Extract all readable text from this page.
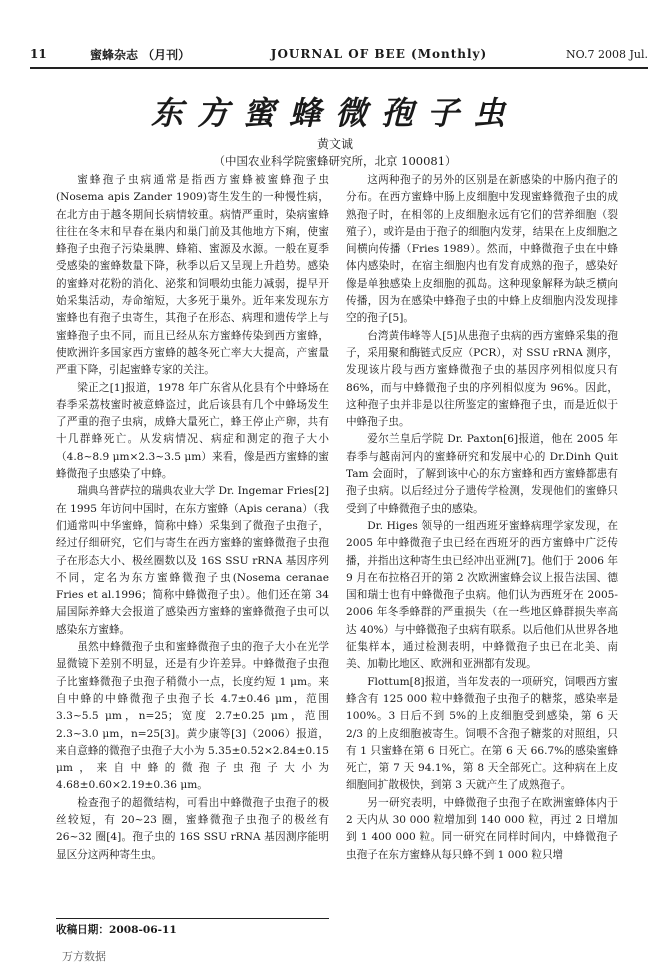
11	蜜蜂杂志 （月刊）	JOURNAL OF BEE (Monthly)	NO.7 2008 Jul.
东方蜜蜂微孢子虫
黄文诚
（中国农业科学院蜜蜂研究所，北京 100081）

蜜蜂孢子虫病通常是指西方蜜蜂被蜜蜂孢子虫(Nosema apis Zander 1909)寄生发生的一种慢性病，在北方由于越冬期间长病情较重。病情严重时，染病蜜蜂往往在冬末和早春在巢内和巢门前及其他地方下痢，使蜜蜂孢子虫孢子污染巢脾、蜂箱、蜜源及水源。一般在夏季受感染的蜜蜂数量下降，秋季以后又呈现上升趋势。感染的蜜蜂对花粉的消化、泌浆和饲喂幼虫能力减弱，提早开始采集活动，寿命缩短，大多死于巢外。近年来发现东方蜜蜂也有孢子虫寄生，其孢子在形态、病理和遗传学上与蜜蜂孢子虫不同，而且已经从东方蜜蜂传染到西方蜜蜂，使欧洲许多国家西方蜜蜂的越冬死亡率大大提高，产蜜量严重下降，引起蜜蜂专家的关注。

梁正之[1]报道，1978 年广东省从化县有个中蜂场在春季采荔枝蜜时被意蜂盗过，此后该县有几个中蜂场发生了严重的孢子虫病，成蜂大量死亡，蜂王停止产卵，共有十几群蜂死亡。从发病情况、病症和测定的孢子大小（4.8~8.9 μm×2.3~3.5 μm）来看，像是西方蜜蜂的蜜蜂微孢子虫感染了中蜂。

瑞典乌普萨拉的瑞典农业大学 Dr. Ingemar Fries[2]在 1995 年访问中国时，在东方蜜蜂（Apis cerana）（我们通常叫中华蜜蜂，简称中蜂）采集到了微孢子虫孢子，经过仔细研究，它们与寄生在西方蜜蜂的蜜蜂微孢子虫孢子在形态大小、极丝圈数以及 16S SSU rRNA 基因序列不同，定名为东方蜜蜂微孢子虫(Nosema ceranae Fries et al.1996；简称中蜂微孢子虫）。他们还在第 34 届国际养蜂大会报道了感染西方蜜蜂的蜜蜂微孢子虫可以感染东方蜜蜂。

虽然中蜂微孢子虫和蜜蜂微孢子虫的孢子大小在光学显微镜下差别不明显，还是有少许差异。中蜂微孢子虫孢子比蜜蜂微孢子虫孢子稍微小一点，长度约短 1 μm。来自中蜂的中蜂微孢子虫孢子长 4.7±0.46 μm，范围 3.3~5.5 μm，n=25；宽度 2.7±0.25 μm，范围 2.3~3.0 μm，n=25[3]。黄少康等[3]（2006）报道，来自意蜂的微孢子虫孢子大小为 5.35±0.52×2.84±0.15 μm，来自中蜂的微孢子虫孢子大小为 4.68±0.60×2.19±0.36 μm。

检查孢子的超微结构，可看出中蜂微孢子虫孢子的极丝较短，有 20~23 圈，蜜蜂微孢子虫孢子的极丝有 26~32 圈[4]。孢子虫的 16S SSU rRNA 基因测序能明显区分这两种寄生虫。

这两种孢子的另外的区别是在新感染的中肠内孢子的分布。在西方蜜蜂中肠上皮细胞中发现蜜蜂微孢子虫的成熟孢子时，在相邻的上皮细胞永远有它们的营养细胞（裂殖子），或许是由于孢子的细胞内发芽，结果在上皮细胞之间横向传播（Fries 1989）。然而，中蜂微孢子虫在中蜂体内感染时，在宿主细胞内也有发育成熟的孢子，感染好像是单独感染上皮细胞的孤岛。这种现象解释为缺乏横向传播，因为在感染中蜂孢子虫的中蜂上皮细胞内没发现排空的孢子[5]。

台湾黄伟峰等人[5]从患孢子虫病的西方蜜蜂采集的孢子，采用聚和酶链式反应（PCR），对 SSU rRNA 测序，发现该片段与西方蜜蜂微孢子虫的基因序列相似度只有 86%，而与中蜂微孢子虫的序列相似度为 96%。因此，这种孢子虫并非是以往所鉴定的蜜蜂孢子虫，而是近似于中蜂孢子虫。

爱尔兰皇后学院 Dr. Paxton[6]报道，他在 2005 年春季与越南河内的蜜蜂研究和发展中心的 Dr.Dinh Quit Tam 会面时，了解到该中心的东方蜜蜂和西方蜜蜂都患有孢子虫病。以后经过分子遗传学检测，发现他们的蜜蜂只受到了中蜂微孢子虫的感染。

Dr. Higes 领导的一组西班牙蜜蜂病理学家发现，在 2005 年中蜂微孢子虫已经在西班牙的西方蜜蜂中广泛传播，并指出这种寄生虫已经冲出亚洲[7]。他们于 2006 年 9 月在布拉格召开的第 2 次欧洲蜜蜂会议上报告法国、德国和瑞士也有中蜂微孢子虫病。他们认为西班牙在 2005-2006 年冬季蜂群的严重损失（在一些地区蜂群损失率高达 40%）与中蜂微孢子虫病有联系。以后他们从世界各地征集样本，通过检测表明，中蜂微孢子虫已在北美、南美、加勒比地区、欧洲和亚洲都有发现。

Flottum[8]报道，当年发表的一项研究，饲喂西方蜜蜂含有 125 000 粒中蜂微孢子虫孢子的糖浆，感染率是 100%。3 日后不到 5%的上皮细胞受到感染，第 6 天 2/3 的上皮细胞被寄生。饲喂不含孢子糖浆的对照组，只有 1 只蜜蜂在第 6 日死亡。在第 6 天 66.7%的感染蜜蜂死亡，第 7 天 94.1%，第 8 天全部死亡。这种病在上皮细胞间扩散极快，到第 3 天就产生了成熟孢子。

另一研究表明，中蜂微孢子虫孢子在欧洲蜜蜂体内于 2 天内从 30 000 粒增加到 140 000 粒，再过 2 日增加到 1 400 000 粒。同一研究在同样时间内，中蜂微孢子虫孢子在东方蜜蜂从每只蜂不到 1 000 粒只增

收稿日期：2008-06-11
万方数据
